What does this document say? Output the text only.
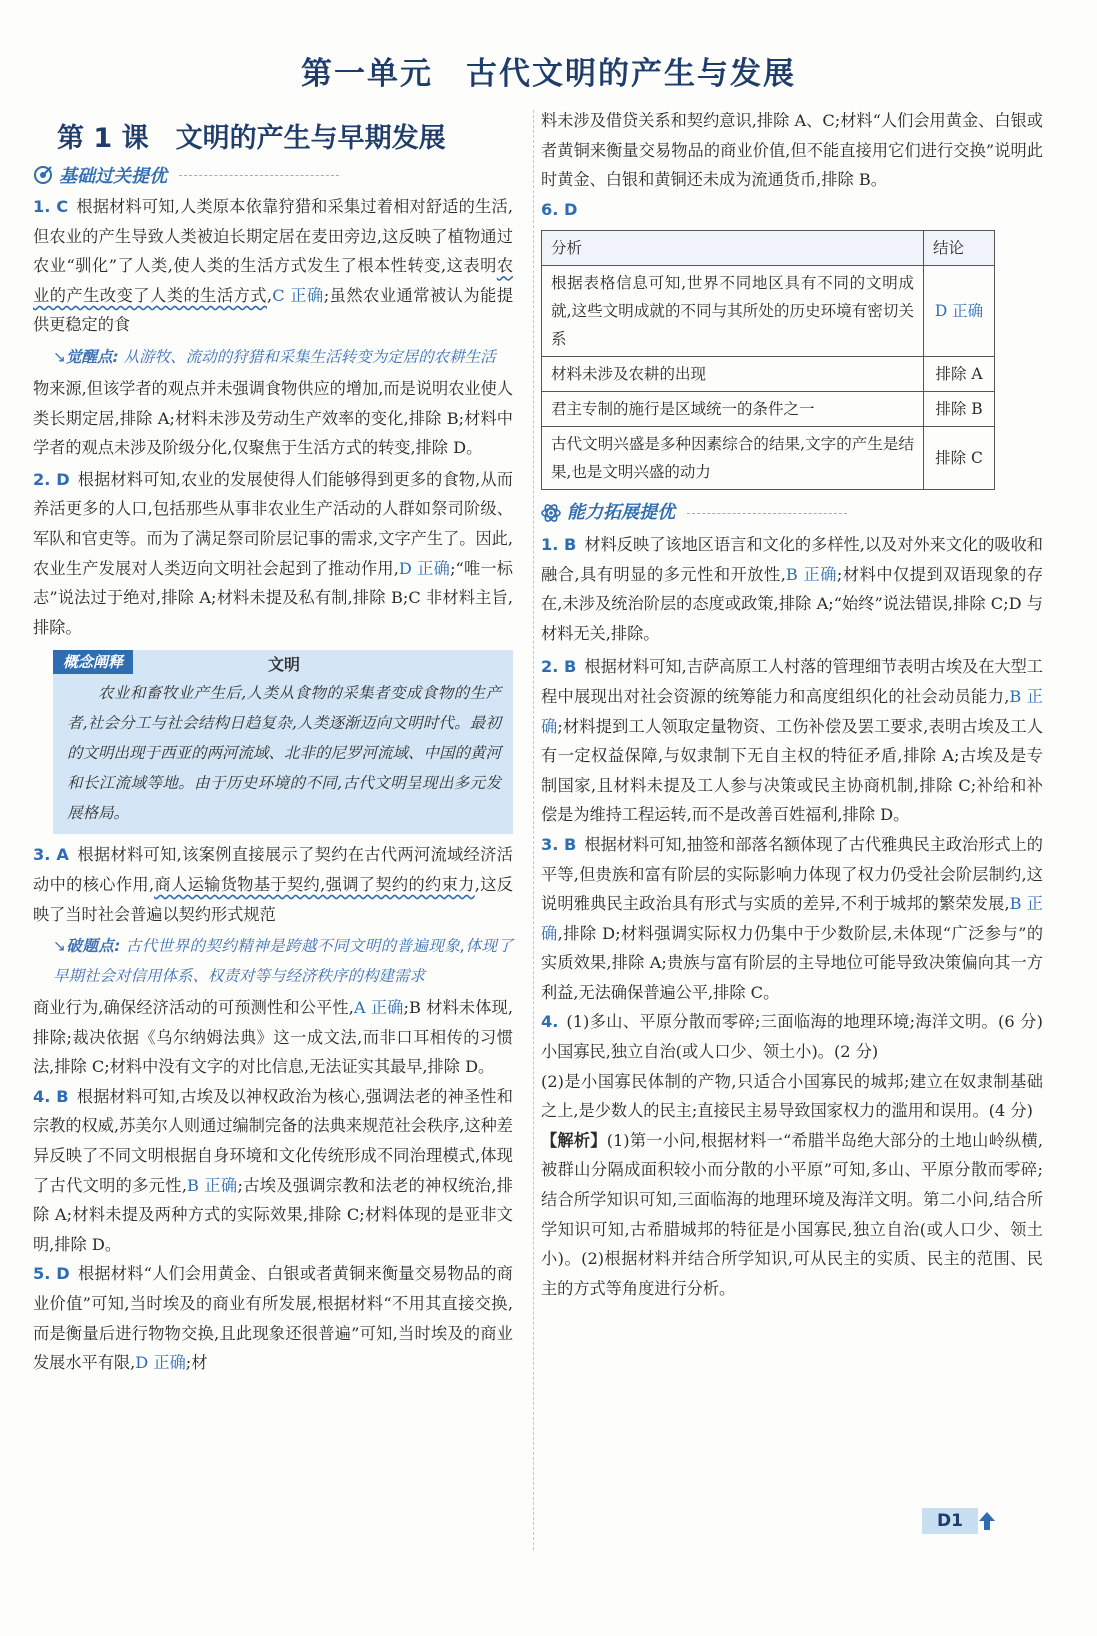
第一单元　古代文明的产生与发展
第 1 课　文明的产生与早期发展
基础过关提优

1. C 根据材料可知,人类原本依靠狩猎和采集过着相对舒适的生活,但农业的产生导致人类被迫长期定居在麦田旁边,这反映了植物通过农业“驯化”了人类,使人类的生活方式发生了根本性转变,这表明农业的产生改变了人类的生活方式,C 正确;虽然农业通常被认为能提供更稳定的食

↘觉醒点: 从游牧、流动的狩猎和采集生活转变为定居的农耕生活

物来源,但该学者的观点并未强调食物供应的增加,而是说明农业使人类长期定居,排除 A;材料未涉及劳动生产效率的变化,排除 B;材料中学者的观点未涉及阶级分化,仅聚焦于生活方式的转变,排除 D。

2. D 根据材料可知,农业的发展使得人们能够得到更多的食物,从而养活更多的人口,包括那些从事非农业生产活动的人群如祭司阶级、军队和官吏等。而为了满足祭司阶层记事的需求,文字产生了。因此,农业生产发展对人类迈向文明社会起到了推动作用,D 正确;“唯一标志”说法过于绝对,排除 A;材料未提及私有制,排除 B;C 非材料主旨,排除。

概念阐释	文明
农业和畜牧业产生后,人类从食物的采集者变成食物的生产者,社会分工与社会结构日趋复杂,人类逐渐迈向文明时代。最初的文明出现于西亚的两河流域、北非的尼罗河流域、中国的黄河和长江流域等地。由于历史环境的不同,古代文明呈现出多元发展格局。

3. A 根据材料可知,该案例直接展示了契约在古代两河流域经济活动中的核心作用,商人运输货物基于契约,强调了契约的约束力,这反映了当时社会普遍以契约形式规范

↘破题点: 古代世界的契约精神是跨越不同文明的普遍现象,体现了早期社会对信用体系、权责对等与经济秩序的构建需求

商业行为,确保经济活动的可预测性和公平性,A 正确;B 材料未体现,排除;裁决依据《乌尔纳姆法典》这一成文法,而非口耳相传的习惯法,排除 C;材料中没有文字的对比信息,无法证实其最早,排除 D。

4. B 根据材料可知,古埃及以神权政治为核心,强调法老的神圣性和宗教的权威,苏美尔人则通过编制完备的法典来规范社会秩序,这种差异反映了不同文明根据自身环境和文化传统形成不同治理模式,体现了古代文明的多元性,B 正确;古埃及强调宗教和法老的神权统治,排除 A;材料未提及两种方式的实际效果,排除 C;材料体现的是亚非文明,排除 D。

5. D 根据材料“人们会用黄金、白银或者黄铜来衡量交易物品的商业价值”可知,当时埃及的商业有所发展,根据材料“不用其直接交换,而是衡量后进行物物交换,且此现象还很普遍”可知,当时埃及的商业发展水平有限,D 正确;材

料未涉及借贷关系和契约意识,排除 A、C;材料“人们会用黄金、白银或者黄铜来衡量交易物品的商业价值,但不能直接用它们进行交换”说明此时黄金、白银和黄铜还未成为流通货币,排除 B。

6. D

分析	结论
根据表格信息可知,世界不同地区具有不同的文明成就,这些文明成就的不同与其所处的历史环境有密切关系	D 正确
材料未涉及农耕的出现	排除 A
君主专制的施行是区域统一的条件之一	排除 B
古代文明兴盛是多种因素综合的结果,文字的产生是结果,也是文明兴盛的动力	排除 C
能力拓展提优

1. B 材料反映了该地区语言和文化的多样性,以及对外来文化的吸收和融合,具有明显的多元性和开放性,B 正确;材料中仅提到双语现象的存在,未涉及统治阶层的态度或政策,排除 A;“始终”说法错误,排除 C;D 与材料无关,排除。

2. B 根据材料可知,吉萨高原工人村落的管理细节表明古埃及在大型工程中展现出对社会资源的统筹能力和高度组织化的社会动员能力,B 正确;材料提到工人领取定量物资、工伤补偿及罢工要求,表明古埃及工人有一定权益保障,与奴隶制下无自主权的特征矛盾,排除 A;古埃及是专制国家,且材料未提及工人参与决策或民主协商机制,排除 C;补给和补偿是为维持工程运转,而不是改善百姓福利,排除 D。

3. B 根据材料可知,抽签和部落名额体现了古代雅典民主政治形式上的平等,但贵族和富有阶层的实际影响力体现了权力仍受社会阶层制约,这说明雅典民主政治具有形式与实质的差异,不利于城邦的繁荣发展,B 正确,排除 D;材料强调实际权力仍集中于少数阶层,未体现“广泛参与”的实质效果,排除 A;贵族与富有阶层的主导地位可能导致决策偏向其一方利益,无法确保普遍公平,排除 C。

4. (1)多山、平原分散而零碎;三面临海的地理环境;海洋文明。(6 分)小国寡民,独立自治(或人口少、领土小)。(2 分)

(2)是小国寡民体制的产物,只适合小国寡民的城邦;建立在奴隶制基础之上,是少数人的民主;直接民主易导致国家权力的滥用和误用。(4 分)

【解析】(1)第一小问,根据材料一“希腊半岛绝大部分的土地山岭纵横,被群山分隔成面积较小而分散的小平原”可知,多山、平原分散而零碎;结合所学知识可知,三面临海的地理环境及海洋文明。第二小问,结合所学知识可知,古希腊城邦的特征是小国寡民,独立自治(或人口少、领土小)。(2)根据材料并结合所学知识,可从民主的实质、民主的范围、民主的方式等角度进行分析。

D1
